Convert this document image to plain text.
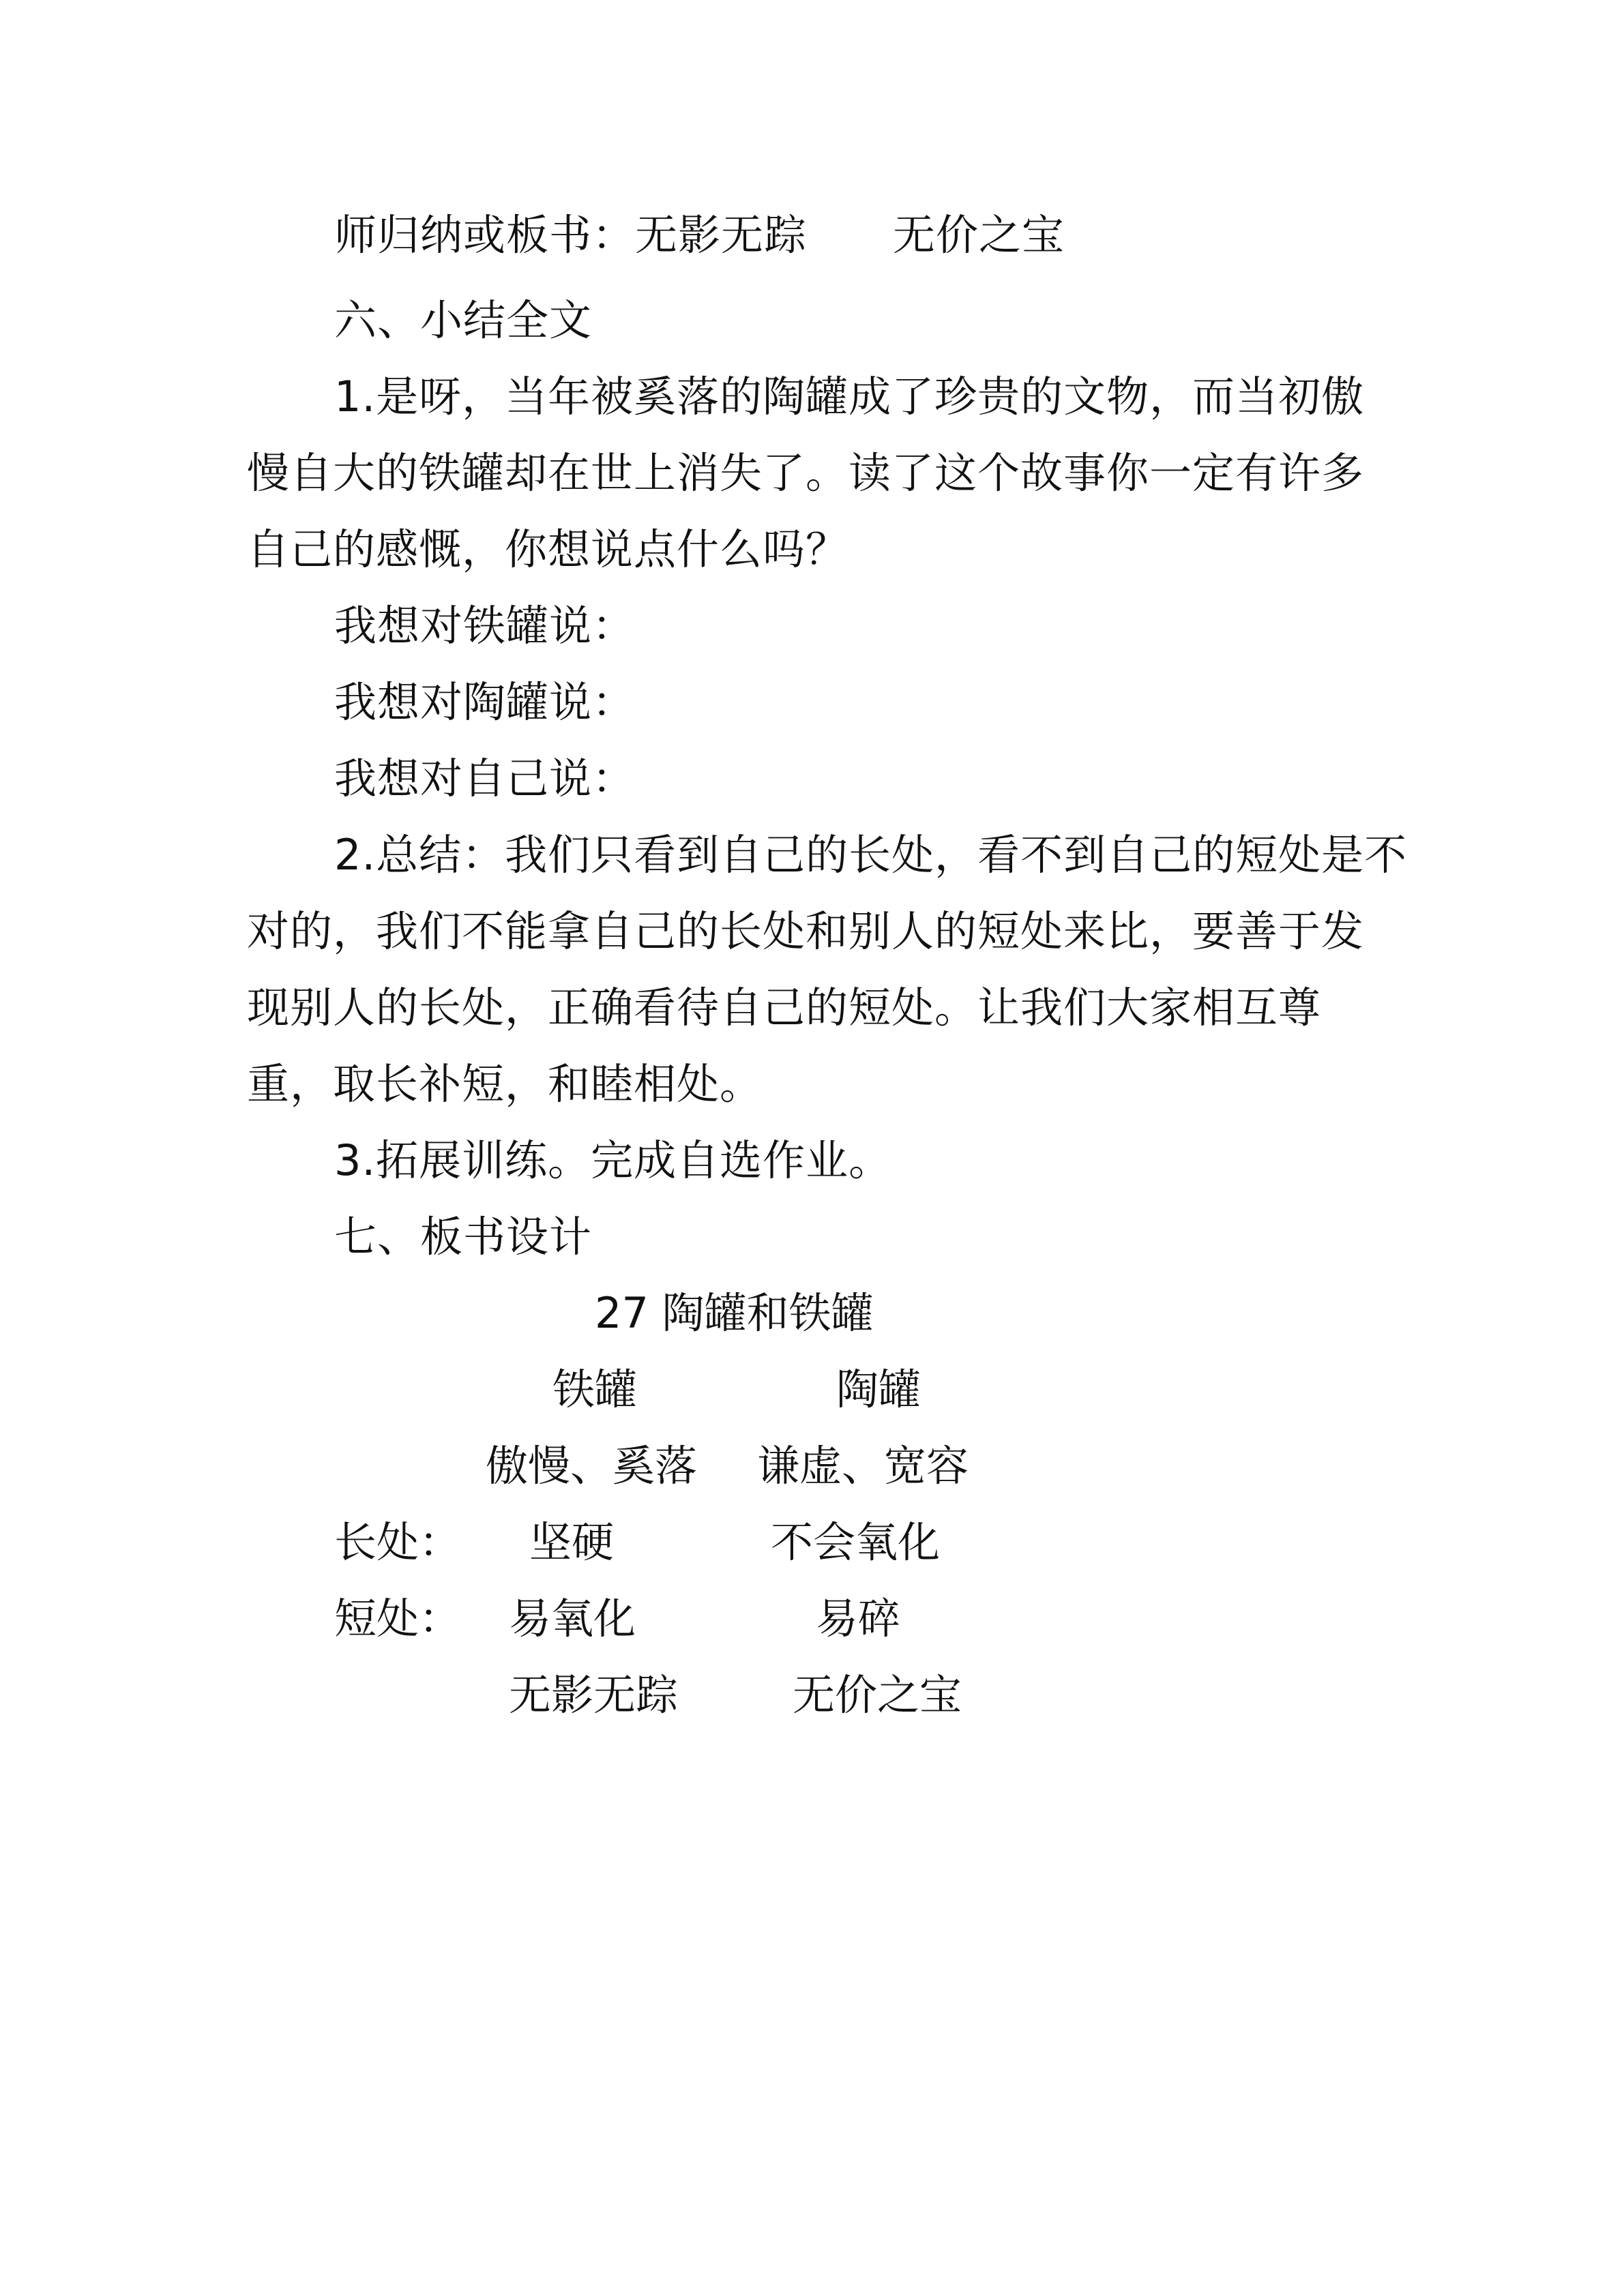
师归纳或板书：无影无踪　　无价之宝
六、小结全文
1.是呀，当年被奚落的陶罐成了珍贵的文物，而当初傲
慢自大的铁罐却在世上消失了。读了这个故事你一定有许多
自己的感慨，你想说点什么吗？
我想对铁罐说：
我想对陶罐说：
我想对自己说：
2.总结：我们只看到自己的长处，看不到自己的短处是不
对的，我们不能拿自己的长处和别人的短处来比，要善于发
现别人的长处，正确看待自己的短处。让我们大家相互尊
重，取长补短，和睦相处。
3.拓展训练。完成自选作业。
七、板书设计
27 陶罐和铁罐
铁罐	陶罐
傲慢、奚落 谦虚、宽容
长处： 坚硬	不会氧化
短处： 易氧化	易碎
无影无踪	无价之宝
